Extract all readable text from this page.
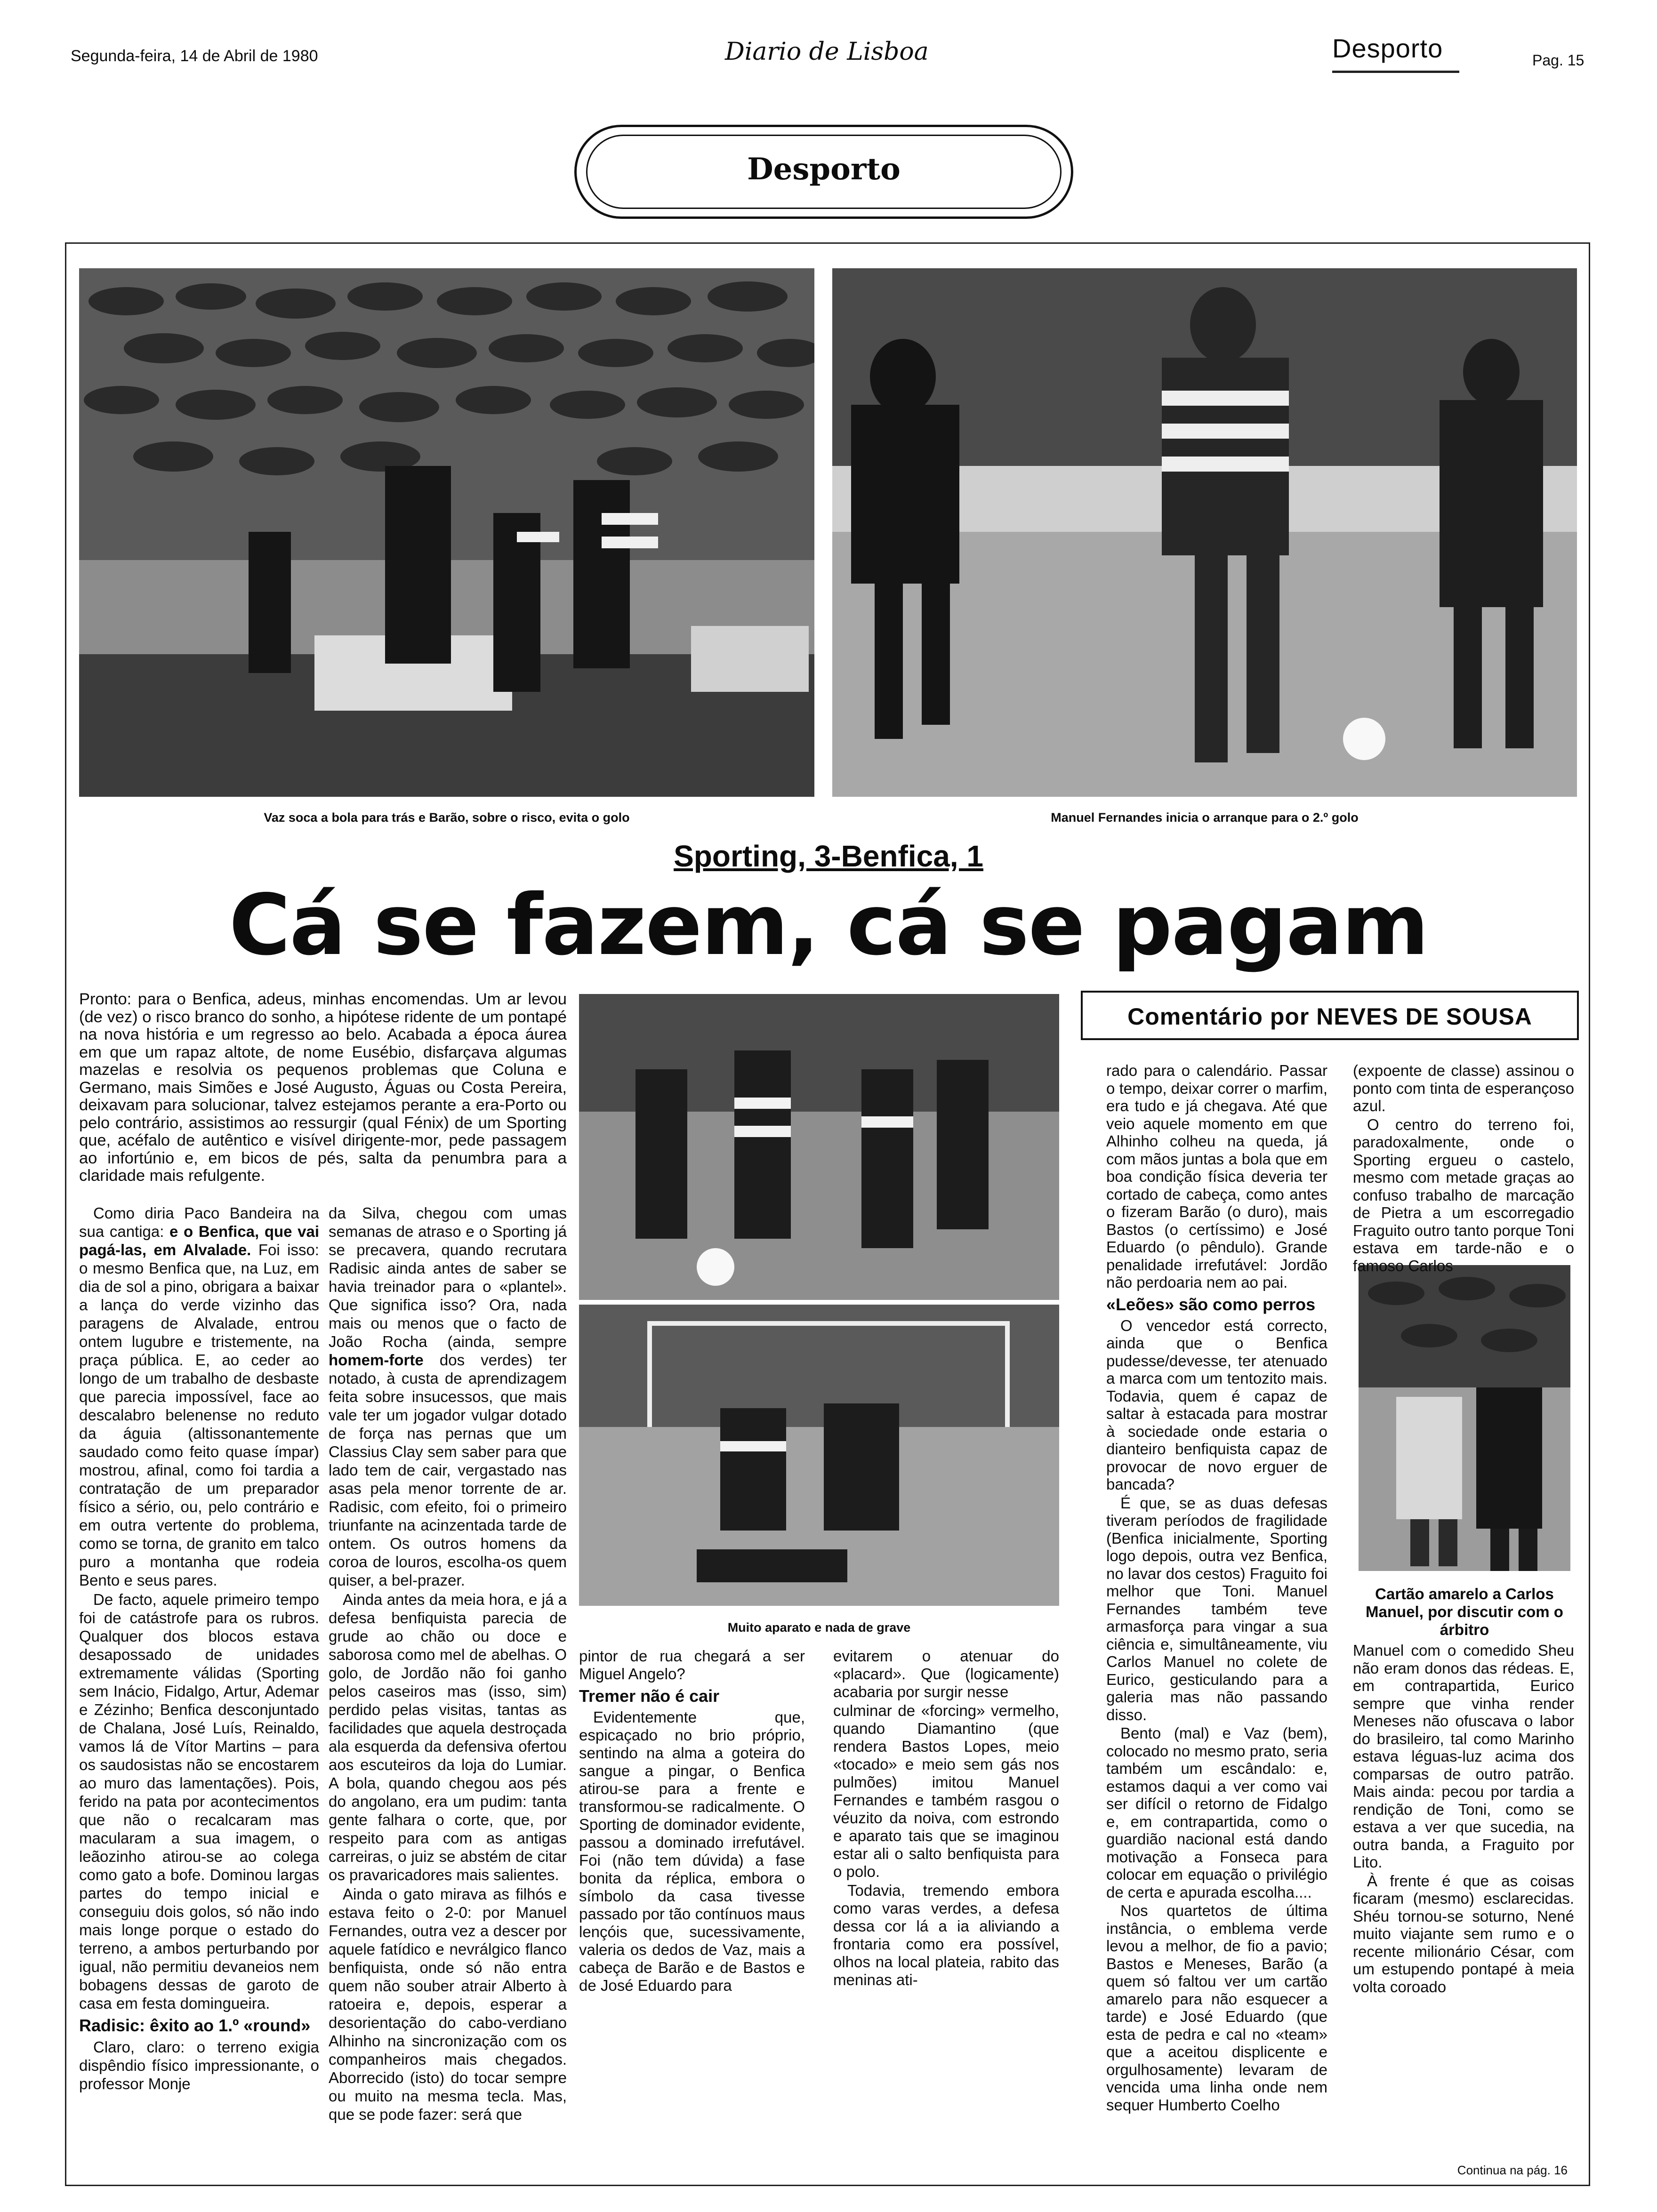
Segunda-feira, 14 de Abril de 1980	Diario de Lisboa	Desporto	Pag. 15
Desporto
Vaz soca a bola para trás e Barão, sobre o risco, evita o golo	Manuel Fernandes inicia o arranque para o 2.º golo
Sporting, 3-Benfica, 1
Cá se fazem, cá se pagam
Comentário por NEVES DE SOUSA
Muito aparato e nada de grave
Cartão amarelo a Carlos Manuel, por discutir com o árbitro

Pronto: para o Benfica, adeus, minhas encomendas. Um ar levou (de vez) o risco branco do sonho, a hipótese ridente de um pontapé na nova história e um regresso ao belo. Acabada a época áurea em que um rapaz altote, de nome Eusébio, disfarçava algumas mazelas e resolvia os pequenos problemas que Coluna e Germano, mais Simões e José Augusto, Águas ou Costa Pereira, deixavam para solucionar, talvez estejamos perante a era-Porto ou pelo contrário, assistimos ao ressurgir (qual Fénix) de um Sporting que, acéfalo de autêntico e visível dirigente-mor, pede passagem ao infortúnio e, em bicos de pés, salta da penumbra para a claridade mais refulgente.

Como diria Paco Bandeira na sua cantiga: e o Benfica, que vai pagá-las, em Alvalade. Foi isso: o mesmo Benfica que, na Luz, em dia de sol a pino, obrigara a baixar a lança do verde vizinho das paragens de Alvalade, entrou ontem lugubre e tristemente, na praça pública. E, ao ceder ao longo de um trabalho de desbaste que parecia impossível, face ao descalabro belenense no reduto da águia (altissonantemente saudado como feito quase ímpar) mostrou, afinal, como foi tardia a contratação de um preparador físico a sério, ou, pelo contrário e em outra vertente do problema, como se torna, de granito em talco puro a montanha que rodeia Bento e seus pares.

De facto, aquele primeiro tempo foi de catástrofe para os rubros. Qualquer dos blocos estava desapossado de unidades extremamente válidas (Sporting sem Inácio, Fidalgo, Artur, Ademar e Zézinho; Benfica desconjuntado de Chalana, José Luís, Reinaldo, vamos lá de Vítor Martins – para os saudosistas não se encostarem ao muro das lamentações). Pois, ferido na pata por acontecimentos que não o recalcaram mas macularam a sua imagem, o leãozinho atirou-se ao colega como gato a bofe. Dominou largas partes do tempo inicial e conseguiu dois golos, só não indo mais longe porque o estado do terreno, a ambos perturbando por igual, não permitiu devaneios nem bobagens dessas de garoto de casa em festa domingueira.

Radisic: êxito ao 1.º «round»

Claro, claro: o terreno exigia dispêndio físico impressionante, o professor Monje

da Silva, chegou com umas semanas de atraso e o Sporting já se precavera, quando recrutara Radisic ainda antes de saber se havia treinador para o «plantel». Que significa isso? Ora, nada mais ou menos que o facto de João Rocha (ainda, sempre homem-forte dos verdes) ter notado, à custa de aprendizagem feita sobre insucessos, que mais vale ter um jogador vulgar dotado de força nas pernas que um Classius Clay sem saber para que lado tem de cair, vergastado nas asas pela menor torrente de ar. Radisic, com efeito, foi o primeiro triunfante na acinzentada tarde de ontem. Os outros homens da coroa de louros, escolha-os quem quiser, a bel-prazer.

Ainda antes da meia hora, e já a defesa benfiquista parecia de grude ao chão ou doce e saborosa como mel de abelhas. O golo, de Jordão não foi ganho pelos caseiros mas (isso, sim) perdido pelas visitas, tantas as facilidades que aquela destroçada ala esquerda da defensiva ofertou aos escuteiros da loja do Lumiar. A bola, quando chegou aos pés do angolano, era um pudim: tanta gente falhara o corte, que, por respeito para com as antigas carreiras, o juiz se abstém de citar os pravaricadores mais salientes.

Ainda o gato mirava as filhós e estava feito o 2-0: por Manuel Fernandes, outra vez a descer por aquele fatídico e nevrálgico flanco benfiquista, onde só não entra quem não souber atrair Alberto à ratoeira e, depois, esperar a desorientação do cabo-verdiano Alhinho na sincronização com os companheiros mais chegados. Aborrecido (isto) do tocar sempre ou muito na mesma tecla. Mas, que se pode fazer: será que

pintor de rua chegará a ser Miguel Angelo?

Tremer não é cair

Evidentemente que, espicaçado no brio próprio, sentindo na alma a goteira do sangue a pingar, o Benfica atirou-se para a frente e transformou-se radicalmente. O Sporting de dominador evidente, passou a dominado irrefutável. Foi (não tem dúvida) a fase bonita da réplica, embora o símbolo da casa tivesse passado por tão contínuos maus lençóis que, sucessivamente, valeria os dedos de Vaz, mais a cabeça de Barão e de Bastos e de José Eduardo para

evitarem o atenuar do «placard». Que (logicamente) acabaria por surgir nesse

culminar de «forcing» vermelho, quando Diamantino (que rendera Bastos Lopes, meio «tocado» e meio sem gás nos pulmões) imitou Manuel Fernandes e também rasgou o véuzito da noiva, com estrondo e aparato tais que se imaginou estar ali o salto benfiquista para o polo.

Todavia, tremendo embora como varas verdes, a defesa dessa cor lá a ia aliviando a frontaria como era possível, olhos na local plateia, rabito das meninas ati-

rado para o calendário. Passar o tempo, deixar correr o marfim, era tudo e já chegava. Até que veio aquele momento em que Alhinho colheu na queda, já com mãos juntas a bola que em boa condição física deveria ter cortado de cabeça, como antes o fizeram Barão (o duro), mais Bastos (o certíssimo) e José Eduardo (o pêndulo). Grande penalidade irrefutável: Jordão não perdoaria nem ao pai.

«Leões» são como perros

O vencedor está correcto, ainda que o Benfica pudesse/devesse, ter atenuado a marca com um tentozito mais. Todavia, quem é capaz de saltar à estacada para mostrar à sociedade onde estaria o dianteiro benfiquista capaz de provocar de novo erguer de bancada?

É que, se as duas defesas tiveram períodos de fragilidade (Benfica inicialmente, Sporting logo depois, outra vez Benfica, no lavar dos cestos) Fraguito foi melhor que Toni. Manuel Fernandes também teve armasforça para vingar a sua ciência e, simultâneamente, viu Carlos Manuel no colete de Eurico, gesticulando para a galeria mas não passando disso.

Bento (mal) e Vaz (bem), colocado no mesmo prato, seria também um escândalo: e, estamos daqui a ver como vai ser difícil o retorno de Fidalgo e, em contrapartida, como o guardião nacional está dando motivação a Fonseca para colocar em equação o privilégio de certa e apurada escolha....

Nos quartetos de última instância, o emblema verde levou a melhor, de fio a pavio; Bastos e Meneses, Barão (a quem só faltou ver um cartão amarelo para não esquecer a tarde) e José Eduardo (que esta de pedra e cal no «team» que a aceitou displicente e orgulhosamente) levaram de vencida uma linha onde nem sequer Humberto Coelho

(expoente de classe) assinou o ponto com tinta de esperançoso azul.

O centro do terreno foi, paradoxalmente, onde o Sporting ergueu o castelo, mesmo com metade graças ao confuso trabalho de marcação de Pietra a um escorregadio Fraguito outro tanto porque Toni estava em tarde-não e o famoso Carlos

Manuel com o comedido Sheu não eram donos das rédeas. E, em contrapartida, Eurico sempre que vinha render Meneses não ofuscava o labor do brasileiro, tal como Marinho estava léguas-luz acima dos comparsas de outro patrão. Mais ainda: pecou por tardia a rendição de Toni, como se estava a ver que sucedia, na outra banda, a Fraguito por Lito.

À frente é que as coisas ficaram (mesmo) esclarecidas. Shéu tornou-se soturno, Nené muito viajante sem rumo e o recente milionário César, com um estupendo pontapé à meia volta coroado

Continua na pág. 16
